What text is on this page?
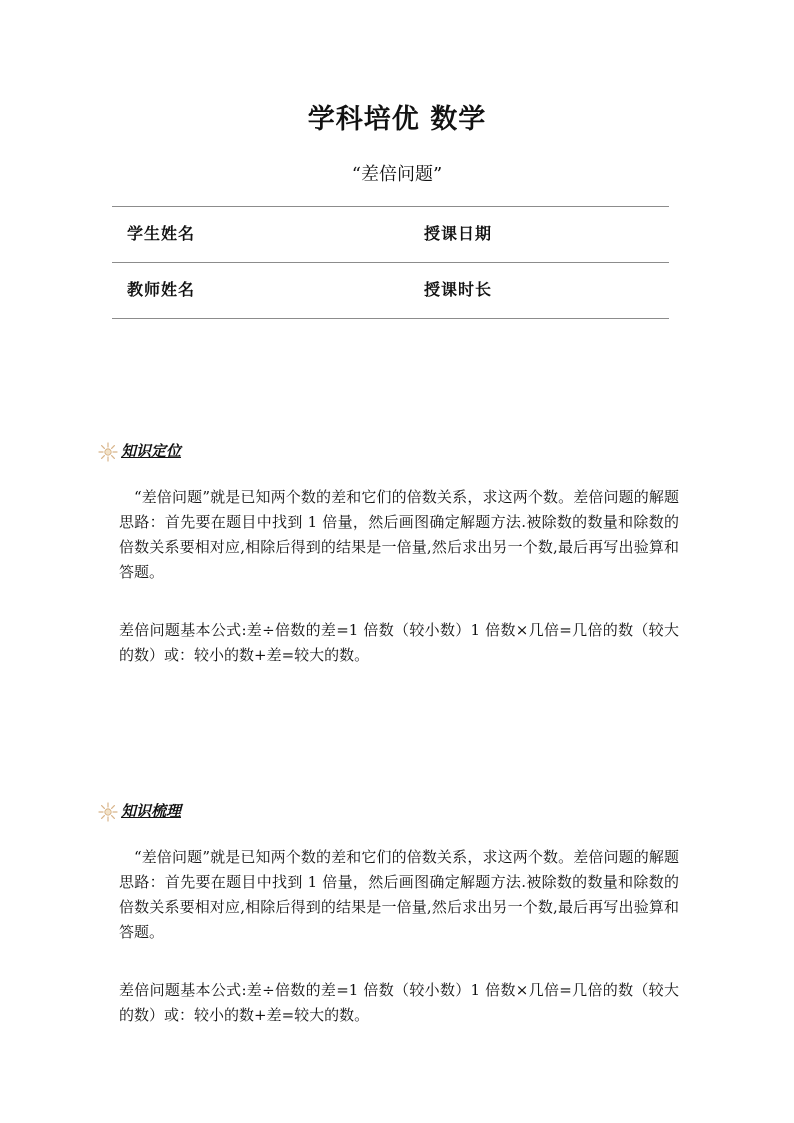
学科培优 数学
“差倍问题”
学生姓名	授课日期
教师姓名	授课时长
知识定位

“差倍问题”就是已知两个数的差和它们的倍数关系，求这两个数。差倍问题的解题思路：首先要在题目中找到 1 倍量，然后画图确定解题方法.被除数的数量和除数的倍数关系要相对应,相除后得到的结果是一倍量,然后求出另一个数,最后再写出验算和答题。

差倍问题基本公式:差÷倍数的差=1 倍数（较小数）1 倍数×几倍=几倍的数（较大的数）或：较小的数+差=较大的数。

知识梳理

“差倍问题”就是已知两个数的差和它们的倍数关系，求这两个数。差倍问题的解题思路：首先要在题目中找到 1 倍量，然后画图确定解题方法.被除数的数量和除数的倍数关系要相对应,相除后得到的结果是一倍量,然后求出另一个数,最后再写出验算和答题。

差倍问题基本公式:差÷倍数的差=1 倍数（较小数）1 倍数×几倍=几倍的数（较大的数）或：较小的数+差=较大的数。
